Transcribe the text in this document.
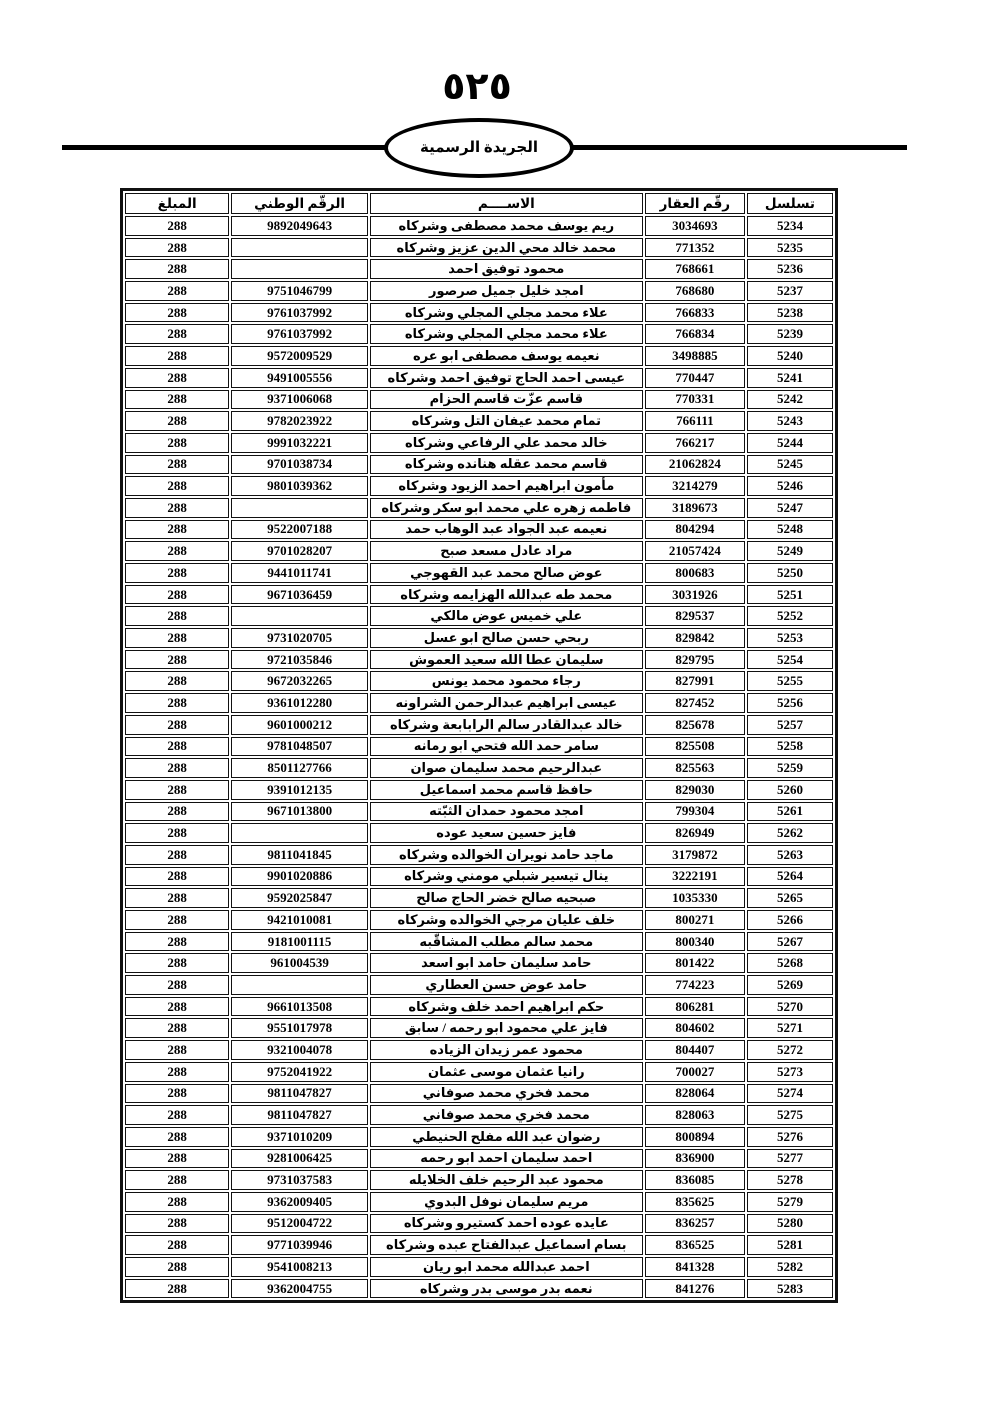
٥٢٥
الجريدة الرسمية
تسلسل	رقّم العقار	الاســــم	الرقّم الوطني	المبلغ
5234	3034693	ريم يوسف محمد مصطفى وشركاه	9892049643	288
5235	771352	محمد خالد محي الدين عزيز وشركاه		288
5236	768661	محمود توفيق احمد		288
5237	768680	امجد خليل جميل صرصور	9751046799	288
5238	766833	علاء محمد مجلي المجلي وشركاه	9761037992	288
5239	766834	علاء محمد مجلي المجلي وشركاه	9761037992	288
5240	3498885	نعيمه يوسف مصطفى ابو عره	9572009529	288
5241	770447	عيسى احمد الحاج توفيق احمد وشركاه	9491005556	288
5242	770331	قاسم عزّت قاسم الحزام	9371006068	288
5243	766111	تمام محمد عيفان التل وشركاه	9782023922	288
5244	766217	خالد محمد علي الرفاعي وشركاه	9991032221	288
5245	21062824	قاسم محمد عقله هنانده وشركاه	9701038734	288
5246	3214279	مأمون ابراهيم احمد الزيود وشركاه	9801039362	288
5247	3189673	فاطمه زهره علي محمد ابو سكر وشركاه		288
5248	804294	نعيمه عبد الجواد عبد الوهاب حمد	9522007188	288
5249	21057424	مراد عادل مسعد صبح	9701028207	288
5250	800683	عوض صالح محمد عبد القهوجي	9441011741	288
5251	3031926	محمد طه عبدالله الهزايمه وشركاه	9671036459	288
5252	829537	علي خميس عوض مالكي		288
5253	829842	ربحي حسن صالح ابو عسل	9731020705	288
5254	829795	سليمان عطا الله سعيد العموش	9721035846	288
5255	827991	رجاء محمود محمد يونس	9672032265	288
5256	827452	عيسى ابراهيم عبدالرحمن الشراونه	9361012280	288
5257	825678	خالد عبدالقادر سالم الرابابعة وشركاه	9601000212	288
5258	825508	سامر حمد الله فتحي ابو رمانه	9781048507	288
5259	825563	عبدالرحيم محمد سليمان صوان	8501127766	288
5260	829030	حافظ قاسم محمد اسماعيل	9391012135	288
5261	799304	امجد محمود حمدان الثبّته	9671013800	288
5262	826949	فايز حسين سعيد عوده		288
5263	3179872	ماجد حامد نويران الخوالده وشركاه	9811041845	288
5264	3222191	ينال تيسير شبلي مومني وشركاه	9901020886	288
5265	1035330	صبحيه صالح خضر الحاج صالح	9592025847	288
5266	800271	خلف عليان مرجي الخوالده وشركاه	9421010081	288
5267	800340	محمد سالم مطلب المشاقّبه	9181001115	288
5268	801422	حامد سليمان حامد ابو اسعد	961004539	288
5269	774223	حامد عوض حسن العطاري		288
5270	806281	حكم ابراهيم احمد خلف وشركاه	9661013508	288
5271	804602	فايز علي محمود ابو رحمه / سابق	9551017978	288
5272	804407	محمود عمر زيدان الزياده	9321004078	288
5273	700027	رانيا عثمان موسى عثمان	9752041922	288
5274	828064	محمد فخري محمد صوفاني	9811047827	288
5275	828063	محمد فخري محمد صوفاني	9811047827	288
5276	800894	رضوان عبد الله مفلح الحنيطي	9371010209	288
5277	836900	احمد سليمان احمد ابو رحمه	9281006425	288
5278	836085	محمود عبد الرحيم خلف الخلايله	9731037583	288
5279	835625	مريم سليمان نوفل البدوي	9362009405	288
5280	836257	عايده عوده احمد كستيرو وشركاه	9512004722	288
5281	836525	بسام اسماعيل عبدالفتاح عبده وشركاه	9771039946	288
5282	841328	احمد عبدالله محمد ابو ريان	9541008213	288
5283	841276	نعمه بدر موسى بدر وشركاه	9362004755	288
